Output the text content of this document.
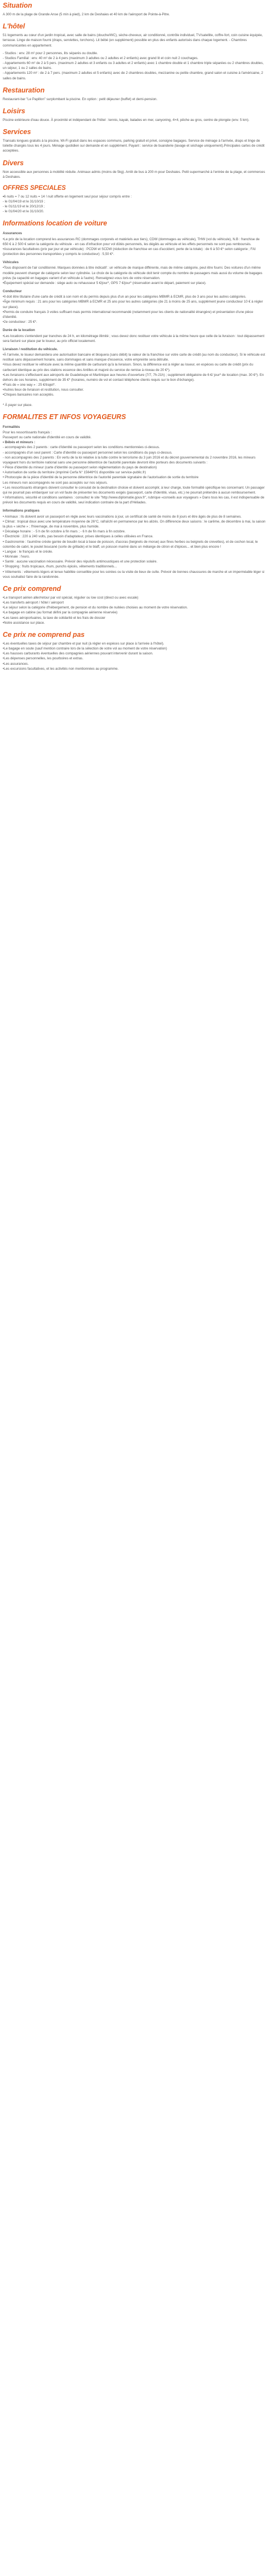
Situation

A 300 m de la plage de Grande Anse (5 min à pied), 2 km de Deshaies et 40 km de l'aéroport de Pointe-à-Pitre.

L'hôtel

51 logements au cœur d'un jardin tropical, avec salle de bains (douche/WC), sèche-cheveux, air conditionné, contrôle individuel, TV/satellite, coffre-fort, coin cuisine équipée, terrasse. Linge de maison fourni (draps, serviettes, torchons). Lit bébé (en supplément) possible en plus des enfants autorisés dans chaque logement. - Chambres communicantes en appartement.

- Studios : env. 28 m² pour 2 personnes, lits séparés ou double.
- Studios Familial : env. 40 m² de 2 à 4 pers (maximum 3 adultes ou 2 adultes et 2 enfants) avec grand lit et coin nuit 2 couchages.
- Appartements 60 m² de 2 à 5 pers. (maximum 2 adultes et 3 enfants ou 3 adultes et 2 enfants) avec 1 chambre double et 1 chambre triple séparées ou 2 chambres doubles, un séjour, 1 ou 2 salles de bains.
- Appartements 120 m² : de 2 à 7 pers. (maximum 2 adultes et 5 enfants) avec de 2 chambres doubles, mezzanine ou petite chambre, grand salon et cuisine à l'américaine, 2 salles de bains.
Restauration

Restaurant-bar "Le Papillon" surplombant la piscine. En option : petit déjeuner (buffet) et demi-pension.

Loisirs

Piscine extérieure d'eau douce. À proximité et indépendant de l'hôtel : tennis, kayak, balades en mer, canyoning, 4×4, pêche au gros, centre de plongée (env. 5 km).

Services

Transats longues gratuits à la piscine, Wi-Fi gratuit dans les espaces communs, parking gratuit et privé, consigne bagages. Service de ménage à l'arrivée, draps et linge de toilette changés tous les 4 jours. Ménage quotidien sur demande et en supplément. Payant : service de buanderie (lavage et séchage uniquement).Principales cartes de crédit acceptées.

Divers

Non accessible aux personnes à mobilité réduite. Animaux admis (moins de 5kg). Arrêt de bus à 200 m pour Deshaies. Petit supermarché à l'entrée de la plage, et commerces à Deshaies.

OFFRES SPECIALES
• 6 nuits = 7 ou 12 nuits = 14 ! nuit offerte en logement seul pour séjour compris entre :
- le 01/04/19 et le 31/10/19 ;
- le 01/11/19 et le 20/12/19 ;
- le 01/04/20 et le 31/10/20.
Informations location de voiture
Assurances
• Le prix de la location comprend les assurances RC (dommages corporels et matériels aux tiers), CDW (dommages au véhicule), THW (vol du véhicule), N.B : franchise de 650 € à 2 500 € selon la catégorie du véhicule - en cas d'infraction pour vol dûtés personnels, les dégâts au véhicule et les effets personnels ne sont pas remboursés.
• Assurances facultatives (prix par jour et par véhicule) : PCDW et SCDW (réduction de franchise en cas d'accident, perte de la totale) : de 6 à 50 €* selon catégorie ; FAI (protection des personnes transportées y compris le conducteur) : 5,50 €*.
Véhicules
• Tous disposent de l'air conditionné. Marques données à titre indicatif : un véhicule de marque différente, mais de même catégorie, peut être fourni. Des voitures d'un même modèle peuvent changer de catégorie selon leur cylindrée. Le choix de la catégorie du véhicule doit tenir compte du nombre de passagers mais aussi du volume de bagages prévu (la capacité en bagages varient d'un véhicule à l'autre). Renseignez-vous lors de votre réservation.
• Équipement spécial sur demande : siège auto ou rehausseur 5 €/jour*, GPS 7 €/jour* (réservation avant le départ, paiement sur place).
Conducteur
• Il doit être titulaire d'une carte de crédit à son nom et du permis depuis plus d'un an pour les catégories MBMR à ECMR, plus de 3 ans pour les autres catégories.
• Âge minimum requis : 21 ans pour les catégories MBMR à ECMR et 25 ans pour les autres catégories (de 21 à moins de 25 ans, supplément jeune conducteur 10 € à régler sur place).
• Permis de conduire français 3 voiles suffisant mais permis international recommandé (notamment pour les clients de nationalité étrangère) et présentation d'une pièce d'identité.
• 2e conducteur : 25 €*.
Durée de la location

• Les locations s'entendent par tranches de 24 h, en kilométrage illimité ; vous devez donc restituer votre véhicule à la même heure que celle de la livraison : tout dépassement sera facturé sur place par le loueur, au prix officiel localement.

Livraison / restitution du véhicule.
• À l'arrivée, le loueur demandera une autorisation bancaire et bloquera (sans débit) la valeur de la franchise sur votre carte de crédit (au nom du conducteur). Si le véhicule est restitué sans dépassement horaire, sans dommages et sans manque d'essence, votre empreinte sera détruite.
• Vous devez restituer le véhicule avec la même quantité de carburant qu'à la livraison. Sinon, la différence est à régler au loueur, en espèces ou carte de crédit (prix du carburant identique au prix des stations essence des Antilles et majoré du service de remise à niveau de 20 €*).
• Les livraisons s'effectuent aux aéroports de Guadeloupe et Martinique aux heures d'ouverture (7/7, 7h-21h) ; supplément obligatoire de 6 €/ jour* de location (max. 30 €*). En dehors de ces horaires, supplément de 35 €* (horaires, numéro de vol et contact téléphone clients requis sur le bon d'échange).
• Frais de « one way » : 25 €/trajet*.
• Autres lieux de livraison et restitution, nous consulter.
• Chiques bancaires non acceptés.

* À payer sur place.

FORMALITES ET INFOS VOYAGEURS
Formalités
Pour les ressortissants français :
Passeport ou carte nationale d'identité en cours de validité.
• Bébés et mineurs :
- accompagnés des 2 parents : carte d'identité ou passeport selon les conditions mentionnées ci-dessus.
- accompagnés d'un seul parent : Carte d'identité ou passeport personnel selon les conditions du pays ci-dessus.
- non accompagnés des 2 parents : En vertu de la loi relative à la lutte contre le terrorisme du 3 juin 2016 et du décret gouvernemental du 2 novembre 2016, les mineurs voyageant hors du territoire national sans une personne détentrice de l'autorité parentale devront être porteurs des documents suivants :
• Pièce d'identité du mineur (carte d'identité ou passeport selon réglementation du pays de destination)
• Autorisation de sortie du territoire (imprimé Cerfa N° 15646*01 disponible sur service-public.fr)
• Photocopie de la pièce d'identité de la personne détentrice de l'autorité parentale signataire de l'autorisation de sortie du territoire
Les mineurs non accompagnés ne sont pas acceptés sur nos séjours.
• Les ressortissants étrangers doivent consulter le consulat de la destination choisie et doivent accomplir, à leur charge, toute formalité spécifique les concernant. Un passager qui ne pourrait pas embarquer sur un vol faute de présenter les documents exigés (passeport, carte d'identité, visas, etc.) ne pourrait prétendre à aucun remboursement.
• Informations, sécurité et conditions sanitaires : consultez le site "http://www.diplomatie.gouv.fr", rubrique «conseils aux voyageurs » Dans tous les cas, il est indispensable de prévoir les documents requis en cours de validité, seul indication contraire de la part d'Héliades.
Informations pratiques
• Animaux : Ils doivent avoir un passeport en règle avec leurs vaccinations à jour, un certificat de santé de moins de 8 jours et être âgés de plus de 8 semaines.
• Climat : tropical doux avec une température moyenne de 26°C, rafraîchi en permanence par les alizés. On différencie deux saisons : le carême, de décembre à mai, la saison la plus « sèche » ; l'hivernage, de mai à novembre, plus humide.
• Décalage horaire : - 5 h de fin octobre à fin mars ; - 6 h de fin mars à fin octobre.
• Électricité : 220 à 240 volts, pas besoin d'adaptateur, prises identiques à celles utilisées en France.
• Gastronomie : l'aumône créole garnie de boudin local à base de poisson, d'accras (beignets de morue) aux fines herbes ou beignets de crevettes), et de cochon local, le colombo de cabri, le poulet boucané (sorte de grillade) et le blaff, un poisson mariné dans un mélange de citron et d'épices... et bien plus encore !
• Langue : le français et le créole.
• Monnaie : l'euro.
• Santé : aucune vaccination nécessaire. Prévoir des répulsifs antimoustiques et une protection solaire.
• Shopping : fruits tropicaux, rhum, punchs épicés, vêtements traditionnels...
• Vêtements : vêtements légers et tenue habillée conseillée pour les soirées ou la visite de lieux de culte. Prévoir de bonnes chaussures de marche et un imperméable léger si vous souhaitez faire de la randonnée.
Ce prix comprend
• Le transport aérien aller/retour par vol spécial, régulier ou low cost (direct ou avec escale)
• Les transferts aéroport / hôtel / aéroport
• Le séjour selon la catégorie d'hébergement, de pension et du nombre de nuitées choisies au moment de votre réservation.
• Le bagage en cabine (au format défini par la compagnie aérienne réservée)
• Les taxes aéroportuaires, la taxe de solidarité et les frais de dossier
• Notre assistance sur place.
Ce prix ne comprend pas
• Les éventuelles taxes de séjour par chambre et par nuit (à régler en espèces sur place à l'arrivée à l'hôtel).
• Le bagage en soute (sauf mention contraire lors de la sélection de votre vol au moment de votre réservation)
• Les hausses carburants éventuelles des compagnies aériennes pouvant intervenir durant la saison.
• Les dépenses personnelles, les pourboires et extras.
• Les assurances.
• Les excursions facultatives, et les activités non mentionnées au programme.
